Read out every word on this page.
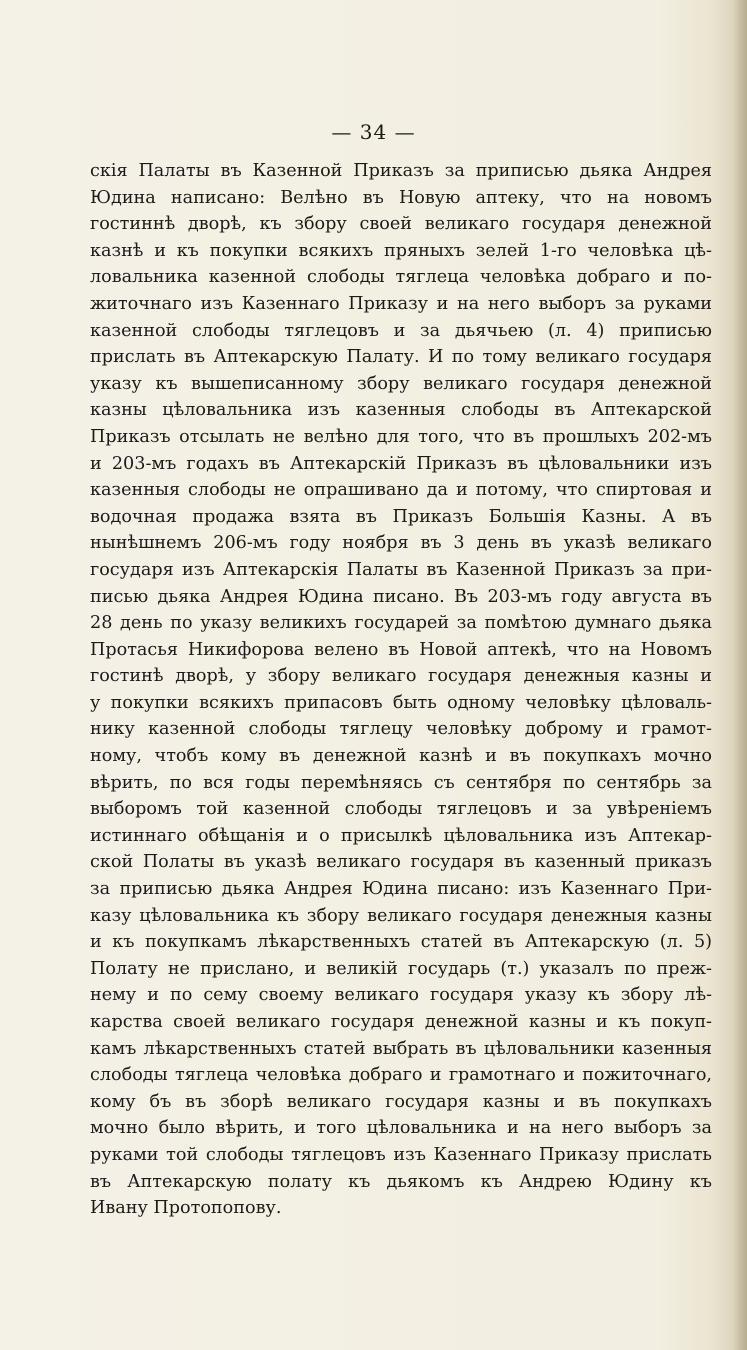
— 34 —
скія Палаты въ Казенной Приказъ за приписью дьяка Андрея
Юдина написано: Велѣно въ Новую аптеку, что на новомъ
гостиннѣ дворѣ, къ збору своей великаго государя денежной
казнѣ и къ покупки всякихъ пряныхъ зелей 1-го человѣка цѣ-
ловальника казенной слободы тяглеца человѣка добраго и по-
житочнаго изъ Казеннаго Приказу и на него выборъ за руками
казенной слободы тяглецовъ и за дьячьею (л. 4) приписью
прислать въ Аптекарскую Палату. И по тому великаго государя
указу къ вышеписанному збору великаго государя денежной
казны цѣловальника изъ казенныя слободы въ Аптекарской
Приказъ отсылать не велѣно для того, что въ прошлыхъ 202-мъ
и 203-мъ годахъ въ Аптекарскій Приказъ въ цѣловальники изъ
казенныя слободы не опрашивано да и потому, что спиртовая и
водочная продажа взята въ Приказъ Большія Казны. А въ
нынѣшнемъ 206-мъ году ноября въ 3 день въ указѣ великаго
государя изъ Аптекарскія Палаты въ Казенной Приказъ за при-
писью дьяка Андрея Юдина писано. Въ 203-мъ году августа въ
28 день по указу великихъ государей за помѣтою думнаго дьяка
Протасья Никифорова велено въ Новой аптекѣ, что на Новомъ
гостинѣ дворѣ, у збору великаго государя денежныя казны и
у покупки всякихъ припасовъ быть одному человѣку цѣловаль-
нику казенной слободы тяглецу человѣку доброму и грамот-
ному, чтобъ кому въ денежной казнѣ и въ покупкахъ мочно
вѣрить, по вся годы перемѣняясь съ сентября по сентябрь за
выборомъ той казенной слободы тяглецовъ и за увѣреніемъ
истиннаго обѣщанія и о присылкѣ цѣловальника изъ Аптекар-
ской Полаты въ указѣ великаго государя въ казенный приказъ
за приписью дьяка Андрея Юдина писано: изъ Казеннаго При-
казу цѣловальника къ збору великаго государя денежныя казны
и къ покупкамъ лѣкарственныхъ статей въ Аптекарскую (л. 5)
Полату не прислано, и великій государь (т.) указалъ по преж-
нему и по сему своему великаго государя указу къ збору лѣ-
карства своей великаго государя денежной казны и къ покуп-
камъ лѣкарственныхъ статей выбрать въ цѣловальники казенныя
слободы тяглеца человѣка добраго и грамотнаго и пожиточнаго,
кому бъ въ зборѣ великаго государя казны и въ покупкахъ
мочно было вѣрить, и того цѣловальника и на него выборъ за
руками той слободы тяглецовъ изъ Казеннаго Приказу прислать
въ Аптекарскую полату къ дьякомъ къ Андрею Юдину къ
Ивану Протопопову.
